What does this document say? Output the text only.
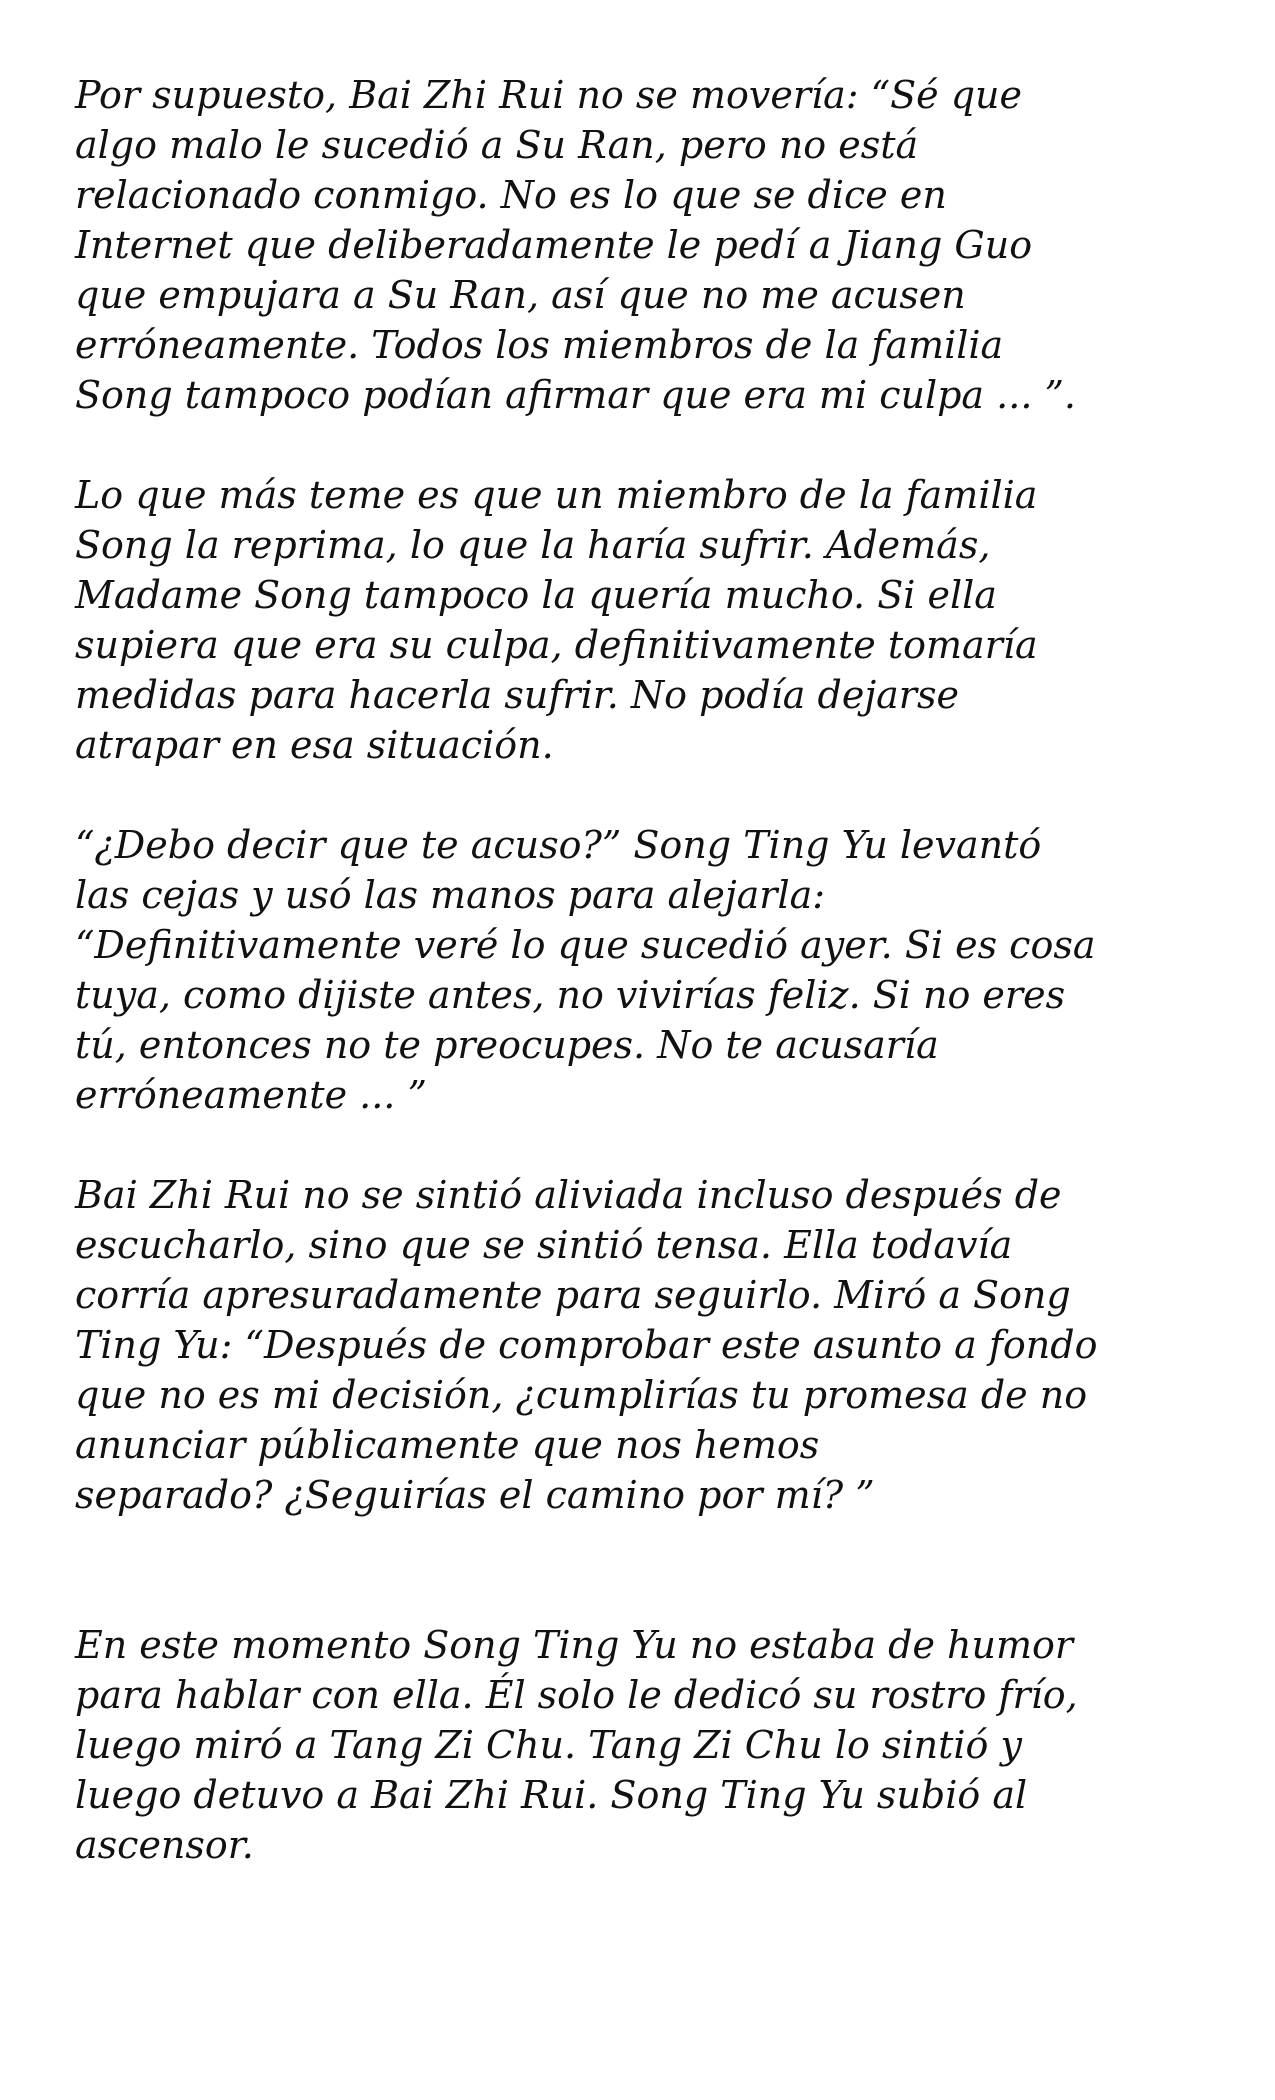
Por supuesto, Bai Zhi Rui no se movería: “Sé que
algo malo le sucedió a Su Ran, pero no está
relacionado conmigo. No es lo que se dice en
Internet que deliberadamente le pedí a Jiang Guo
que empujara a Su Ran, así que no me acusen
erróneamente. Todos los miembros de la familia
Song tampoco podían afirmar que era mi culpa ... ”.

Lo que más teme es que un miembro de la familia
Song la reprima, lo que la haría sufrir. Además,
Madame Song tampoco la quería mucho. Si ella
supiera que era su culpa, definitivamente tomaría
medidas para hacerla sufrir. No podía dejarse
atrapar en esa situación.

“¿Debo decir que te acuso?” Song Ting Yu levantó
las cejas y usó las manos para alejarla:
“Definitivamente veré lo que sucedió ayer. Si es cosa
tuya, como dijiste antes, no vivirías feliz. Si no eres
tú, entonces no te preocupes. No te acusaría
erróneamente ... ”

Bai Zhi Rui no se sintió aliviada incluso después de
escucharlo, sino que se sintió tensa. Ella todavía
corría apresuradamente para seguirlo. Miró a Song
Ting Yu: “Después de comprobar este asunto a fondo
que no es mi decisión, ¿cumplirías tu promesa de no
anunciar públicamente que nos hemos
separado? ¿Seguirías el camino por mí? ”

En este momento Song Ting Yu no estaba de humor
para hablar con ella. Él solo le dedicó su rostro frío,
luego miró a Tang Zi Chu. Tang Zi Chu lo sintió y
luego detuvo a Bai Zhi Rui. Song Ting Yu subió al
ascensor.
